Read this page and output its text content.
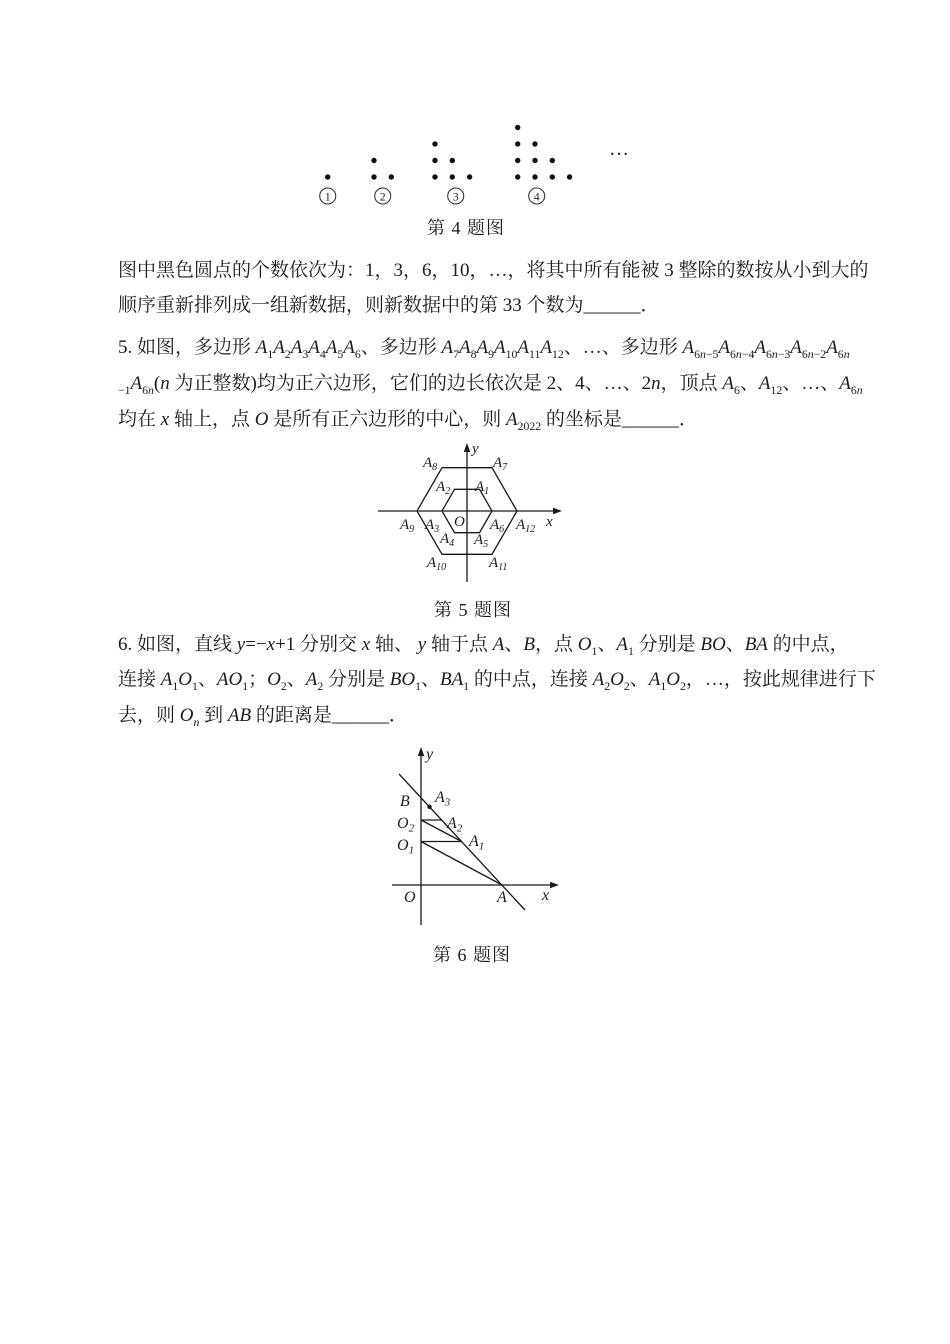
1	2	3	4
…
第 4 题图
图中黑色圆点的个数依次为：1，3，6，10，…，将其中所有能被 3 整除的数按从小到大的
顺序重新排列成一组新数据，则新数据中的第 33 个数为______．
5. 如图，多边形 $A_1A_2A_3A_4A_5A_6$、多边形 $A_7A_8A_9A_{10}A_{11}A_{12}$、…、多边形 $A_{6n-5}A_{6n-4}A_{6n-3}A_{6n-2}A_{6n}$
$_{-1}A_{6n}(n$ 为正整数)均为正六边形，它们的边长依次是 2、4、…、2n，顶点 $A_6$、$A_{12}$、…、$A_{6n}$
均在 x 轴上，点 O 是所有正六边形的中心，则 $A_{2022}$ 的坐标是______．
$A_8$	$A_7$
$A_2$ $A_1$
$A_9$ $A_3$ O $A_6$ $A_{12}$
$A_4$ $A_5$
$A_{10}$	$A_{11}$
x
y
第 5 题图
6. 如图，直线 y=−x+1 分别交 x 轴、 y 轴于点 A、B，点 $O_1$、$A_1$ 分别是 BO、BA 的中点，
连接 $A_1O_1$、$AO_1$；$O_2$、$A_2$ 分别是 $BO_1$、$BA_1$ 的中点，连接 $A_2O_2$、$A_1O_2$，…，按此规律进行下
去，则 $O_n$ 到 AB 的距离是______．
B $A_3$
$O_2$ $A_2$
$O_1$
$A_1$
O	A x
y
第 6 题图
